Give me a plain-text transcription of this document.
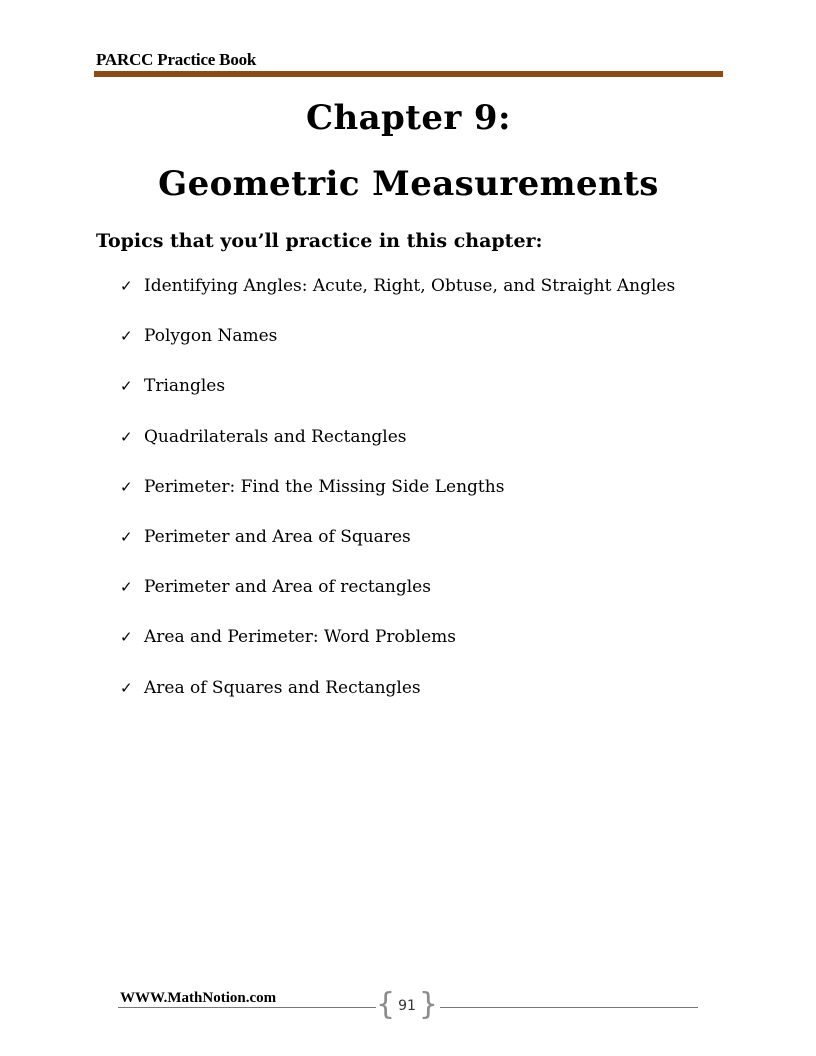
PARCC Practice Book
Chapter 9:
Geometric Measurements
Topics that you’ll practice in this chapter:
✓ Identifying Angles: Acute, Right, Obtuse, and Straight Angles
✓ Polygon Names
✓ Triangles
✓ Quadrilaterals and Rectangles
✓ Perimeter: Find the Missing Side Lengths
✓ Perimeter and Area of Squares
✓ Perimeter and Area of rectangles
✓ Area and Perimeter: Word Problems
✓ Area of Squares and Rectangles
WWW.MathNotion.com	{ 91 }
